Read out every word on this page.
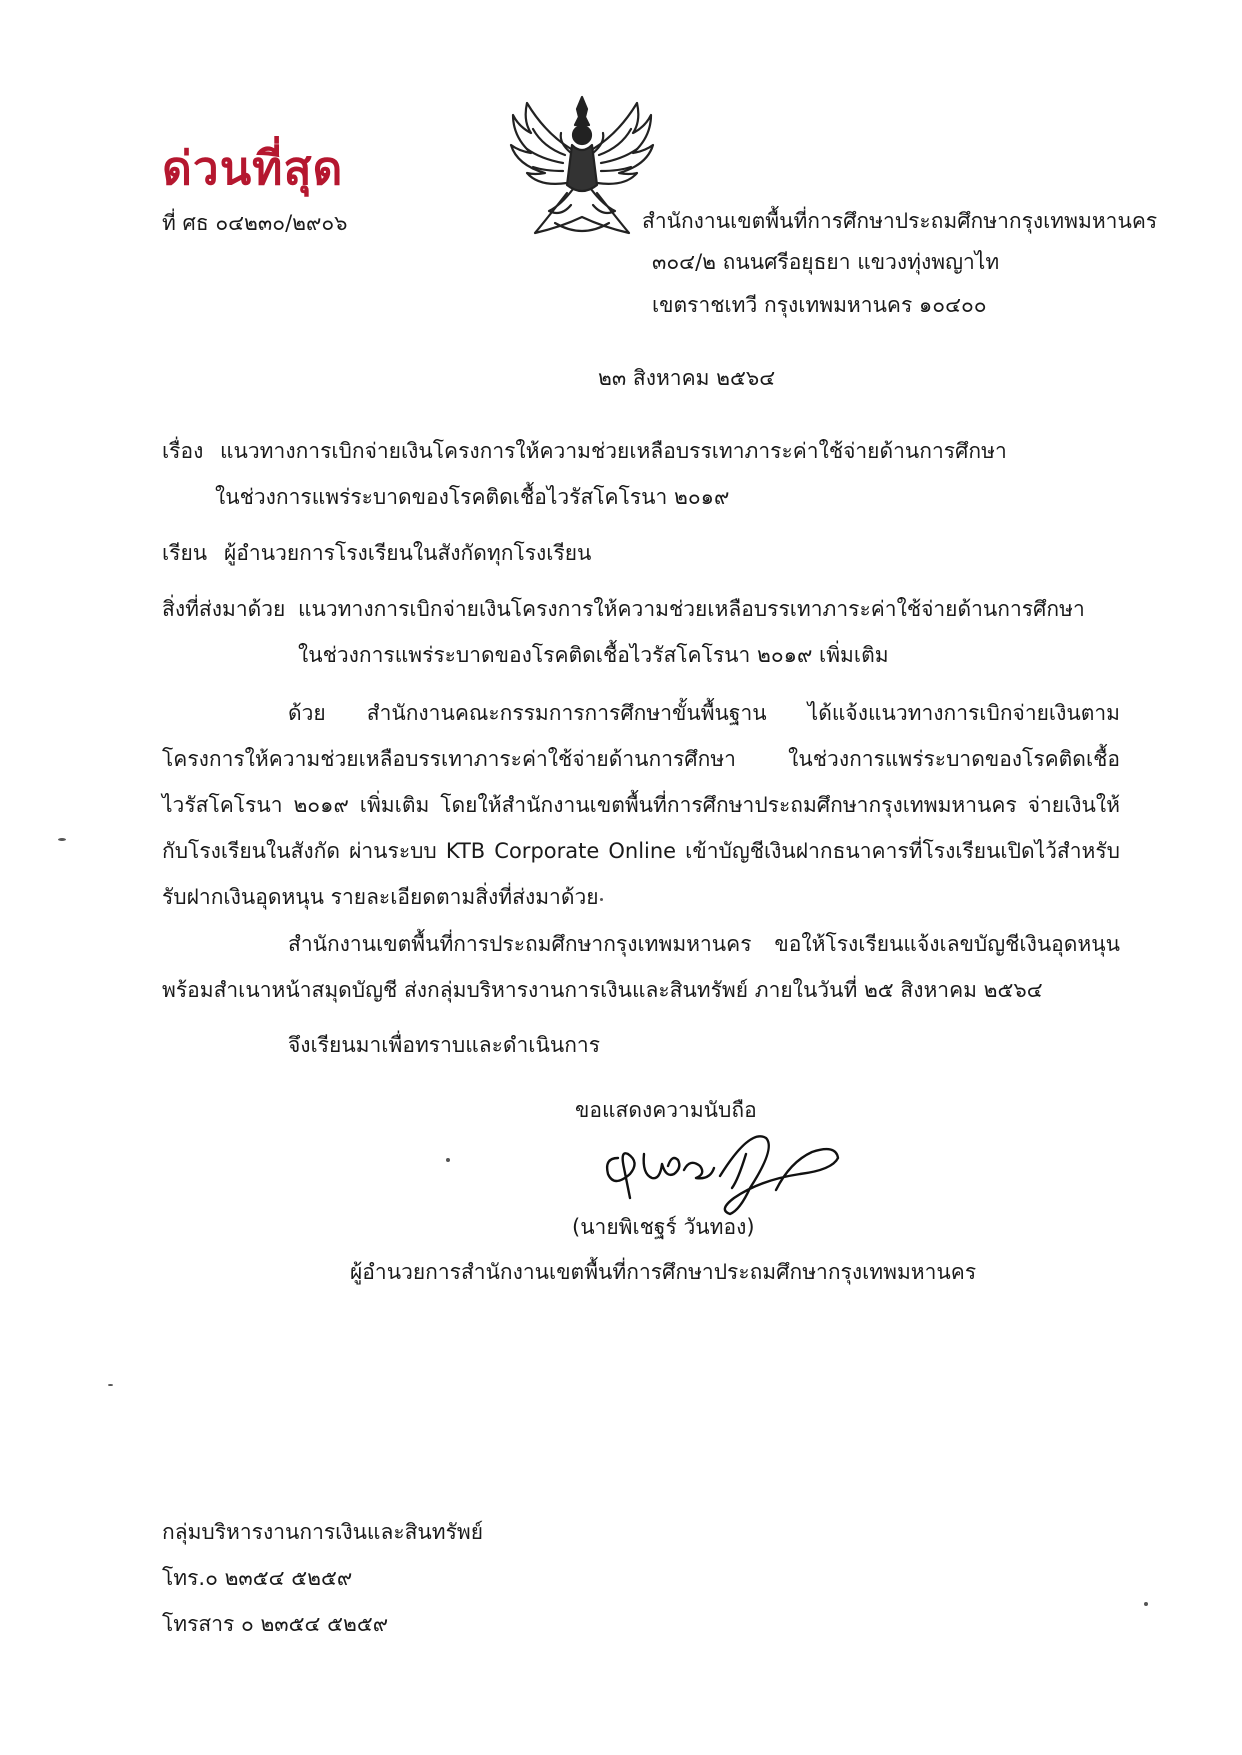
ด่วนที่สุด
ที่ ศธ ๐๔๒๓๐/๒๙๐๖	สำนักงานเขตพื้นที่การศึกษาประถมศึกษากรุงเทพมหานคร
๓๐๔/๒ ถนนศรีอยุธยา แขวงทุ่งพญาไท
เขตราชเทวี กรุงเทพมหานคร ๑๐๔๐๐
๒๓ สิงหาคม ๒๕๖๔
เรื่อง แนวทางการเบิกจ่ายเงินโครงการให้ความช่วยเหลือบรรเทาภาระค่าใช้จ่ายด้านการศึกษา
ในช่วงการแพร่ระบาดของโรคติดเชื้อไวรัสโคโรนา ๒๐๑๙
เรียน ผู้อำนวยการโรงเรียนในสังกัดทุกโรงเรียน
สิ่งที่ส่งมาด้วย แนวทางการเบิกจ่ายเงินโครงการให้ความช่วยเหลือบรรเทาภาระค่าใช้จ่ายด้านการศึกษา
ในช่วงการแพร่ระบาดของโรคติดเชื้อไวรัสโคโรนา ๒๐๑๙ เพิ่มเติม
ด้วย สำนักงานคณะกรรมการการศึกษาขั้นพื้นฐาน ได้แจ้งแนวทางการเบิกจ่ายเงินตามโครงการให้ความช่วยเหลือบรรเทาภาระค่าใช้จ่ายด้านการศึกษา ในช่วงการแพร่ระบาดของโรคติดเชื้อไวรัสโคโรนา ๒๐๑๙ เพิ่มเติม โดยให้สำนักงานเขตพื้นที่การศึกษาประถมศึกษากรุงเทพมหานคร จ่ายเงินให้กับโรงเรียนในสังกัด ผ่านระบบ KTB Corporate Online เข้าบัญชีเงินฝากธนาคารที่โรงเรียนเปิดไว้สำหรับรับฝากเงินอุดหนุน รายละเอียดตามสิ่งที่ส่งมาด้วย
สำนักงานเขตพื้นที่การประถมศึกษากรุงเทพมหานคร ขอให้โรงเรียนแจ้งเลขบัญชีเงินอุดหนุน พร้อมสำเนาหน้าสมุดบัญชี ส่งกลุ่มบริหารงานการเงินและสินทรัพย์ ภายในวันที่ ๒๕ สิงหาคม ๒๕๖๔
จึงเรียนมาเพื่อทราบและดำเนินการ
ขอแสดงความนับถือ
(นายพิเชฐร์ วันทอง)
ผู้อำนวยการสำนักงานเขตพื้นที่การศึกษาประถมศึกษากรุงเทพมหานคร
กลุ่มบริหารงานการเงินและสินทรัพย์
โทร.๐ ๒๓๕๔ ๕๒๕๙
โทรสาร ๐ ๒๓๕๔ ๕๒๕๙
